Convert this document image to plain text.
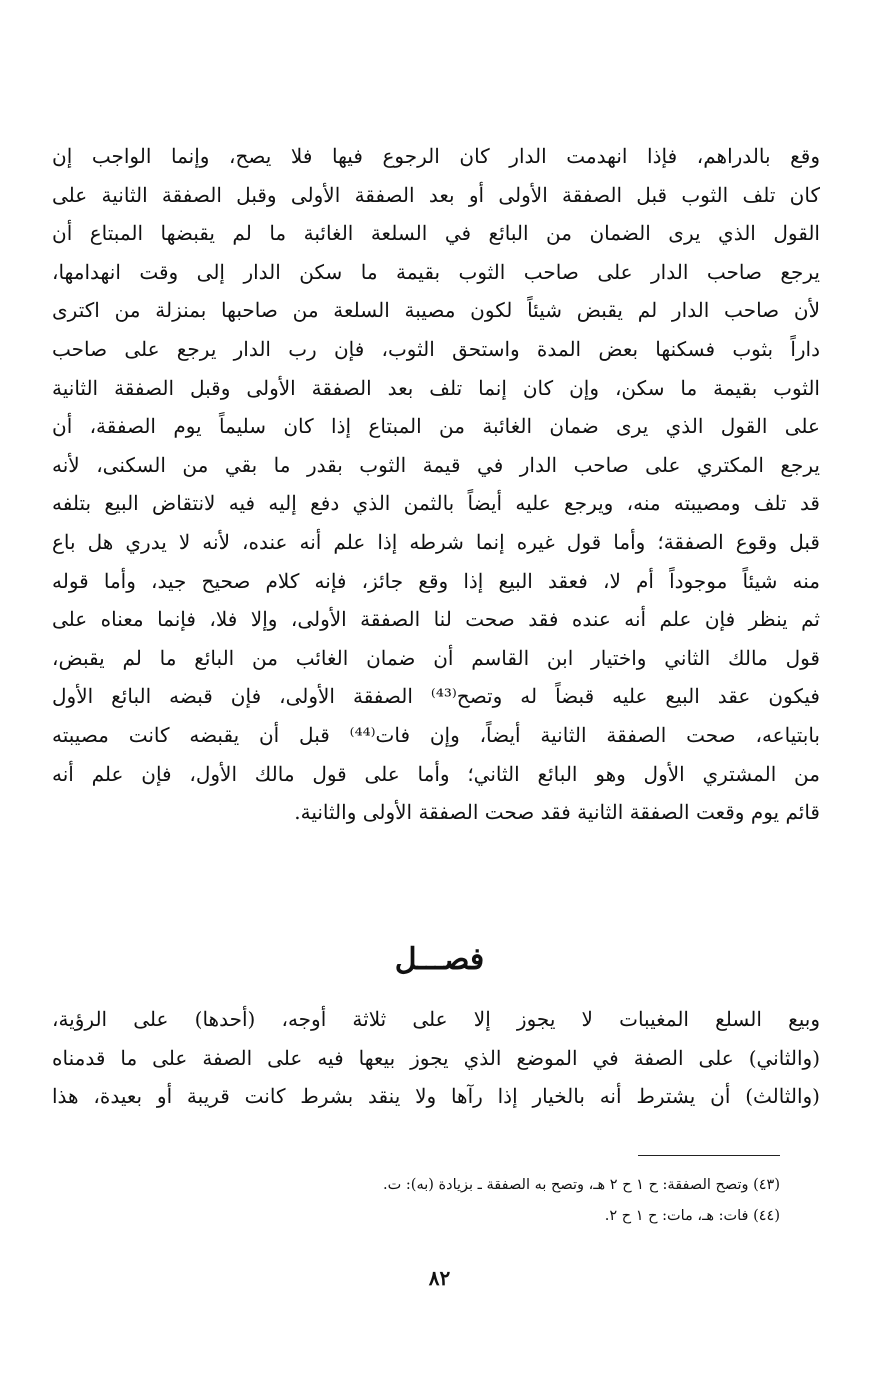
وقع بالدراهم، فإذا انهدمت الدار كان الرجوع فيها فلا يصح، وإنما الواجب إن
كان تلف الثوب قبل الصفقة الأولى أو بعد الصفقة الأولى وقبل الصفقة الثانية على
القول الذي يرى الضمان من البائع في السلعة الغائبة ما لم يقبضها المبتاع أن
يرجع صاحب الدار على صاحب الثوب بقيمة ما سكن الدار إلى وقت انهدامها،
لأن صاحب الدار لم يقبض شيئاً لكون مصيبة السلعة من صاحبها بمنزلة من اكترى
داراً بثوب فسكنها بعض المدة واستحق الثوب، فإن رب الدار يرجع على صاحب
الثوب بقيمة ما سكن، وإن كان إنما تلف بعد الصفقة الأولى وقبل الصفقة الثانية
على القول الذي يرى ضمان الغائبة من المبتاع إذا كان سليماً يوم الصفقة، أن
يرجع المكتري على صاحب الدار في قيمة الثوب بقدر ما بقي من السكنى، لأنه
قد تلف ومصيبته منه، ويرجع عليه أيضاً بالثمن الذي دفع إليه فيه لانتقاض البيع بتلفه
قبل وقوع الصفقة؛ وأما قول غيره إنما شرطه إذا علم أنه عنده، لأنه لا يدري هل باع
منه شيئاً موجوداً أم لا، فعقد البيع إذا وقع جائز، فإنه كلام صحيح جيد، وأما قوله
ثم ينظر فإن علم أنه عنده فقد صحت لنا الصفقة الأولى، وإلا فلا، فإنما معناه على
قول مالك الثاني واختيار ابن القاسم أن ضمان الغائب من البائع ما لم يقبض،
فيكون عقد البيع عليه قبضاً له وتصح⁽⁴³⁾ الصفقة الأولى، فإن قبضه البائع الأول
بابتياعه، صحت الصفقة الثانية أيضاً، وإن فات⁽⁴⁴⁾ قبل أن يقبضه كانت مصيبته
من المشتري الأول وهو البائع الثاني؛ وأما على قول مالك الأول، فإن علم أنه
قائم يوم وقعت الصفقة الثانية فقد صحت الصفقة الأولى والثانية.
فصـــل
وبيع السلع المغيبات لا يجوز إلا على ثلاثة أوجه، (أحدها) على الرؤية،
(والثاني) على الصفة في الموضع الذي يجوز بيعها فيه على الصفة على ما قدمناه
(والثالث) أن يشترط أنه بالخيار إذا رآها ولا ينقد بشرط كانت قريبة أو بعيدة، هذا
(٤٣) وتصح الصفقة: ح ١ ح ٢ هـ، وتصح به الصفقة ـ بزيادة (به): ت.
(٤٤) فات: هـ، مات: ح ١ ح ٢.
٨٢
